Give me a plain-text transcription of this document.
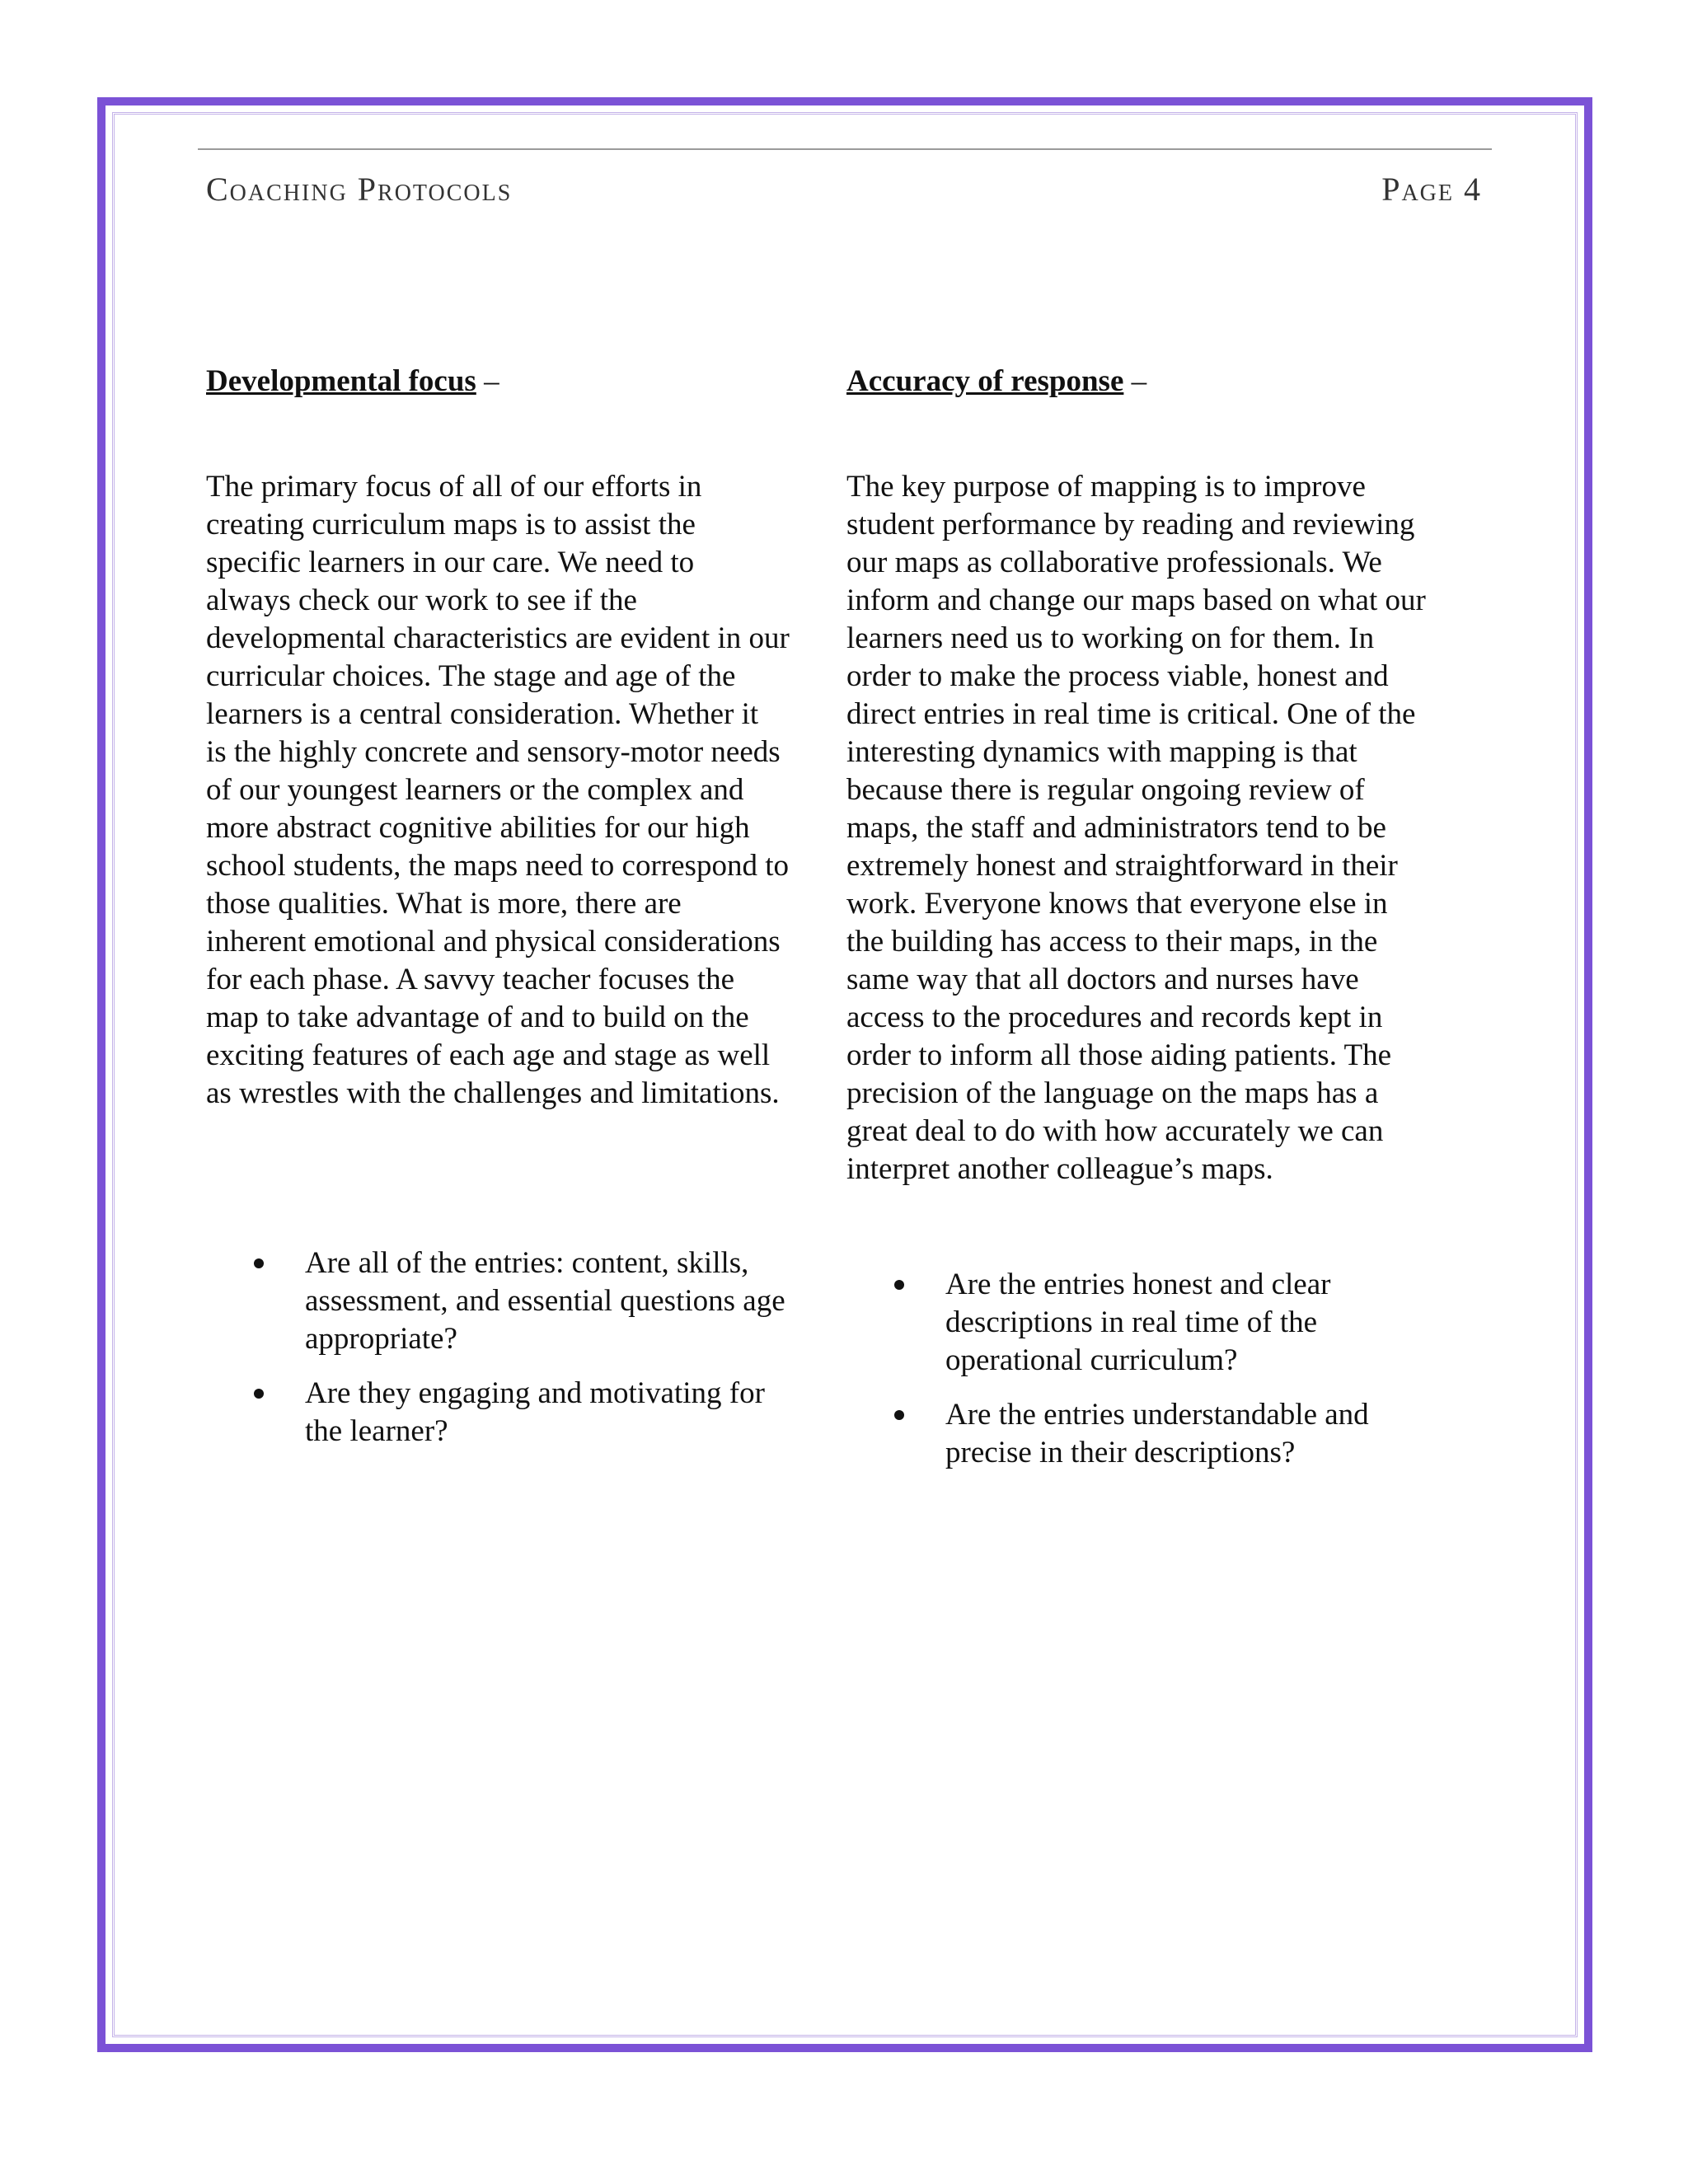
Coaching Protocols	Page 4

Developmental focus –

The primary focus of all of our efforts in
creating curriculum maps is to assist the
specific learners in our care. We need to
always check our work to see if the
developmental characteristics are evident in our
curricular choices. The stage and age of the
learners is a central consideration. Whether it
is the highly concrete and sensory-motor needs
of our youngest learners or the complex and
more abstract cognitive abilities for our high
school students, the maps need to correspond to
those qualities. What is more, there are
inherent emotional and physical considerations
for each phase. A savvy teacher focuses the
map to take advantage of and to build on the
exciting features of each age and stage as well
as wrestles with the challenges and limitations.

Accuracy of response –

The key purpose of mapping is to improve
student performance by reading and reviewing
our maps as collaborative professionals. We
inform and change our maps based on what our
learners need us to working on for them. In
order to make the process viable, honest and
direct entries in real time is critical. One of the
interesting dynamics with mapping is that
because there is regular ongoing review of
maps, the staff and administrators tend to be
extremely honest and straightforward in their
work. Everyone knows that everyone else in
the building has access to their maps, in the
same way that all doctors and nurses have
access to the procedures and records kept in
order to inform all those aiding patients. The
precision of the language on the maps has a
great deal to do with how accurately we can
interpret another colleague’s maps.

Are all of the entries: content, skills,
assessment, and essential questions age
appropriate?
Are they engaging and motivating for
the learner?
Are the entries honest and clear
descriptions in real time of the
operational curriculum?
Are the entries understandable and
precise in their descriptions?
